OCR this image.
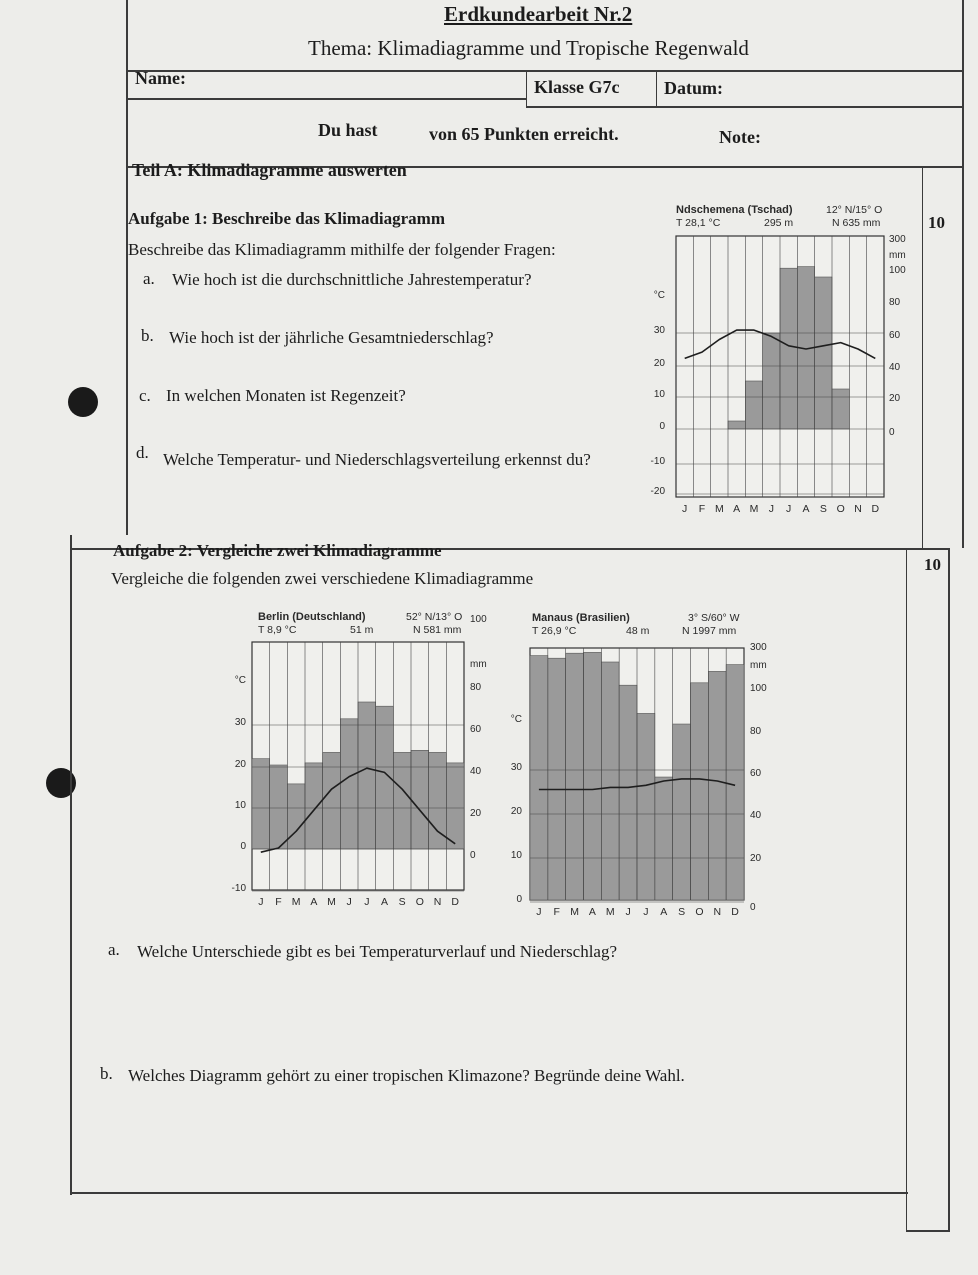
Erdkundearbeit Nr.2
Thema: Klimadiagramme und Tropische Regenwald
Name:	Klasse G7c Datum:
Du hast	von 65 Punkten erreicht.	Note:
Teil A: Klimadiagramme auswerten
Aufgabe 1: Beschreibe das Klimadiagramm	10
Beschreibe das Klimadiagramm mithilfe der folgender Fragen:
a. Wie hoch ist die durchschnittliche Jahrestemperatur?
b. Wie hoch ist der jährliche Gesamtniederschlag?
c. In welchen Monaten ist Regenzeit?
d. Welche Temperatur- und Niederschlagsverteilung erkennst du?
Aufgabe 2: Vergleiche zwei Klimadiagramme
10
Vergleiche die folgenden zwei verschiedene Klimadiagramme
a. Welche Unterschiede gibt es bei Temperaturverlauf und Niederschlag?
b. Welches Diagramm gehört zu einer tropischen Klimazone? Begründe deine Wahl.
Ndschemena (Tschad)	12° N/15° O
T 28,1 °C	295 m	N 635 mm
°C
30
20
10
0
-10
-20
300
mm
100
80
60
40
20
0
J F M A M J J A S O N D
Berlin (Deutschland)	52° N/13° O
T 8,9 °C	51 m	N 581 mm
°C
30
20
10
0
-10
100
mm
80
60
40
20
0
J F M A M J J A S O N D
Manaus (Brasilien)	3° S/60° W
T 26,9 °C	48 m	N 1997 mm
°C
30
20
10
0
300
mm
100
80
60
40
20
0
J F M A M J J A S O N D
